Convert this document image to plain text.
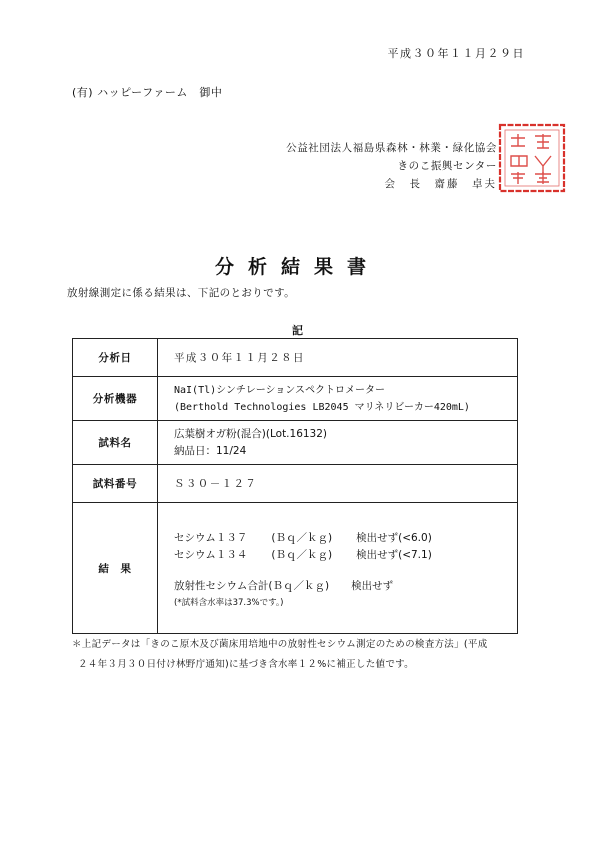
平成３０年１１月２９日
(有) ハッピーファーム　御中
公益社団法人福島県森林・林業・緑化協会
きのこ振興センター
会　長　齋藤　卓夫
分析結果書
放射線測定に係る結果は、下記のとおりです。
記
分析日	平成３０年１１月２８日
分析機器	NaI(Tl)シンチレーションスペクトロメーター
(Berthold Technologies LB2045 マリネリビーカー420mL)

試料名	広葉樹オガ粉(混合)(Lot.16132)
納品日：11/24

試料番号	Ｓ３０－１２７
結　果	セシウム１３７ (Ｂｑ／ｋｇ) 検出せず(<6.0)
セシウム１３４ (Ｂｑ／ｋｇ) 検出せず(<7.1)
放射性セシウム合計(Ｂｑ／ｋｇ) 検出せず
(*試料含水率は37.3%です。)
＊上記データは「きのこ原木及び菌床用培地中の放射性セシウム測定のための検査方法」(平成
２４年３月３０日付け林野庁通知)に基づき含水率１２%に補正した値です。
